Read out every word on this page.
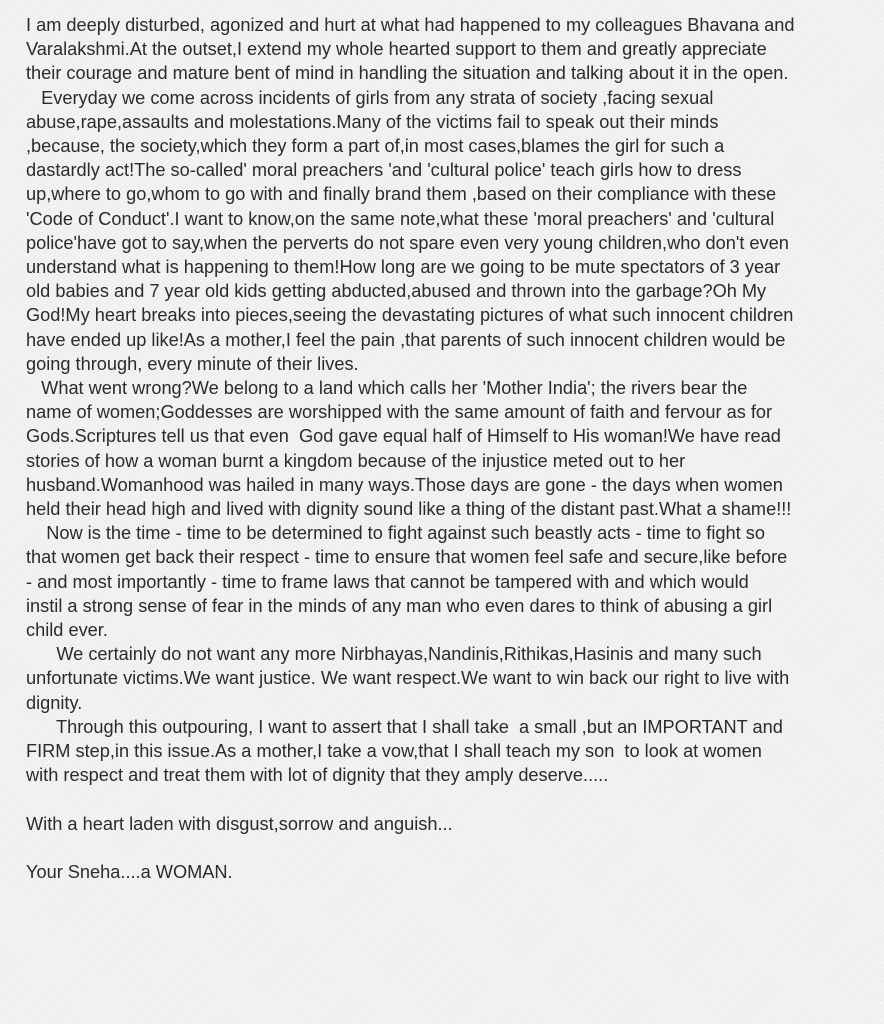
I am deeply disturbed, agonized and hurt at what had happened to my colleagues Bhavana and
Varalakshmi.At the outset,I extend my whole hearted support to them and greatly appreciate
their courage and mature bent of mind in handling the situation and talking about it in the open.
Everyday we come across incidents of girls from any strata of society ,facing sexual
abuse,rape,assaults and molestations.Many of the victims fail to speak out their minds
,because, the society,which they form a part of,in most cases,blames the girl for such a
dastardly act!The so-called' moral preachers 'and 'cultural police' teach girls how to dress
up,where to go,whom to go with and finally brand them ,based on their compliance with these
'Code of Conduct'.I want to know,on the same note,what these 'moral preachers' and 'cultural
police'have got to say,when the perverts do not spare even very young children,who don't even
understand what is happening to them!How long are we going to be mute spectators of 3 year
old babies and 7 year old kids getting abducted,abused and thrown into the garbage?Oh My
God!My heart breaks into pieces,seeing the devastating pictures of what such innocent children
have ended up like!As a mother,I feel the pain ,that parents of such innocent children would be
going through, every minute of their lives.
What went wrong?We belong to a land which calls her 'Mother India'; the rivers bear the
name of women;Goddesses are worshipped with the same amount of faith and fervour as for
Gods.Scriptures tell us that even  God gave equal half of Himself to His woman!We have read
stories of how a woman burnt a kingdom because of the injustice meted out to her
husband.Womanhood was hailed in many ways.Those days are gone - the days when women
held their head high and lived with dignity sound like a thing of the distant past.What a shame!!!
Now is the time - time to be determined to fight against such beastly acts - time to fight so
that women get back their respect - time to ensure that women feel safe and secure,like before
- and most importantly - time to frame laws that cannot be tampered with and which would
instil a strong sense of fear in the minds of any man who even dares to think of abusing a girl
child ever.
We certainly do not want any more Nirbhayas,Nandinis,Rithikas,Hasinis and many such
unfortunate victims.We want justice. We want respect.We want to win back our right to live with
dignity.
Through this outpouring, I want to assert that I shall take  a small ,but an IMPORTANT and
FIRM step,in this issue.As a mother,I take a vow,that I shall teach my son  to look at women
with respect and treat them with lot of dignity that they amply deserve.....
With a heart laden with disgust,sorrow and anguish...
Your Sneha....a WOMAN.
